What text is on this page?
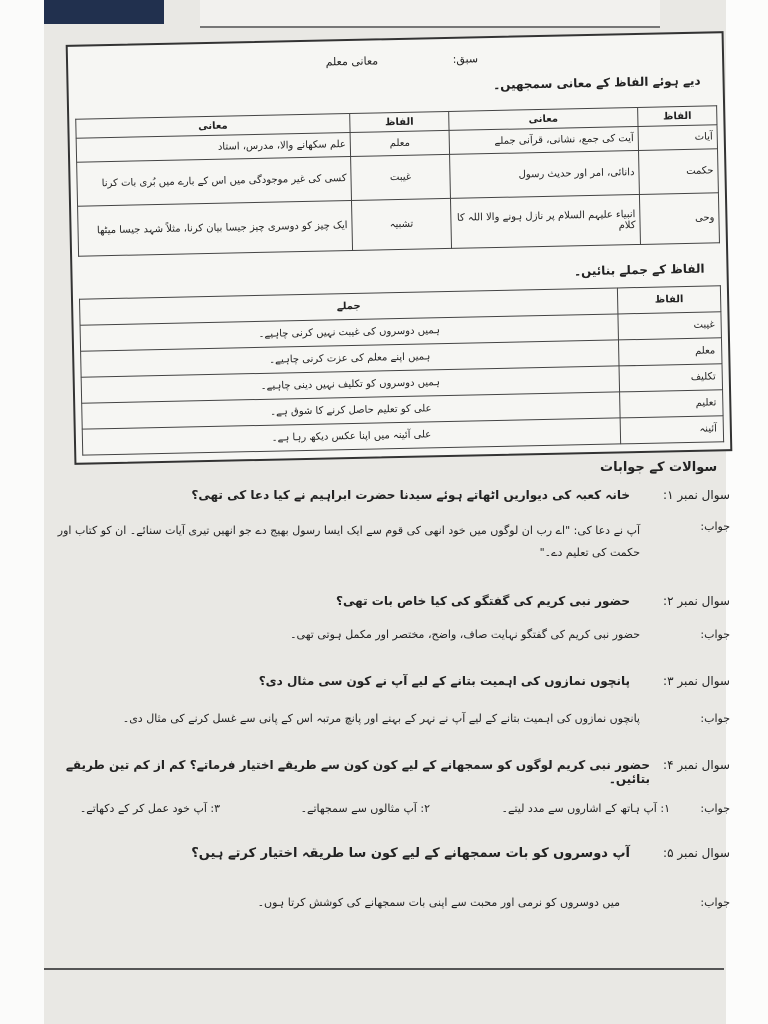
سبق:
معانی معلم
دیے ہوئے الفاظ کے معانی سمجھیں۔
الفاظ	معانی	الفاظ	معانی
آیات	آیت کی جمع، نشانی، قرآنی جملے	معلم	علم سکھانے والا، مدرس، استاد
حکمت	دانائی، امر اور حدیث رسول	غیبت	کسی کی غیر موجودگی میں اس کے بارے میں بُری بات کرنا
وحی	انبیاء علیہم السلام پر نازل ہونے والا اللہ کا کلام	تشبیہ	ایک چیز کو دوسری چیز جیسا بیان کرنا، مثلاً شہد جیسا میٹھا
الفاظ کے جملے بنائیں۔
الفاظ	جملے
غیبت	ہمیں دوسروں کی غیبت نہیں کرنی چاہیے۔
معلم	ہمیں اپنے معلم کی عزت کرنی چاہیے۔
تکلیف	ہمیں دوسروں کو تکلیف نہیں دینی چاہیے۔
تعلیم	علی کو تعلیم حاصل کرنے کا شوق ہے۔
آئینہ	علی آئینہ میں اپنا عکس دیکھ رہا ہے۔
سوالات کے جوابات
سوال نمبر ۱:
خانہ کعبہ کی دیواریں اٹھاتے ہوئے سیدنا حضرت ابراہیم نے کیا دعا کی تھی؟
جواب:
آپ نے دعا کی: "اے رب ان لوگوں میں خود انھی کی قوم سے ایک ایسا رسول بھیج دے جو انھیں تیری آیات سنائے۔ ان کو کتاب اور حکمت کی تعلیم دے۔"
سوال نمبر ۲:
حضور نبی کریم کی گفتگو کی کیا خاص بات تھی؟
جواب:
حضور نبی کریم کی گفتگو نہایت صاف، واضح، مختصر اور مکمل ہوتی تھی۔
سوال نمبر ۳:
پانچوں نمازوں کی اہمیت بتانے کے لیے آپ نے کون سی مثال دی؟
جواب:
پانچوں نمازوں کی اہمیت بتانے کے لیے آپ نے نہر کے بہنے اور پانچ مرتبہ اس کے پانی سے غسل کرنے کی مثال دی۔
سوال نمبر ۴:
حضور نبی کریم لوگوں کو سمجھانے کے لیے کون کون سے طریقے اختیار فرماتے؟ کم از کم تین طریقے بتائیں۔
جواب:
۱: آپ ہاتھ کے اشاروں سے مدد لیتے۔
۲: آپ مثالوں سے سمجھاتے۔
۳: آپ خود عمل کر کے دکھاتے۔
سوال نمبر ۵:
آپ دوسروں کو بات سمجھانے کے لیے کون سا طریقہ اختیار کرتے ہیں؟
جواب:
میں دوسروں کو نرمی اور محبت سے اپنی بات سمجھانے کی کوشش کرتا ہوں۔
